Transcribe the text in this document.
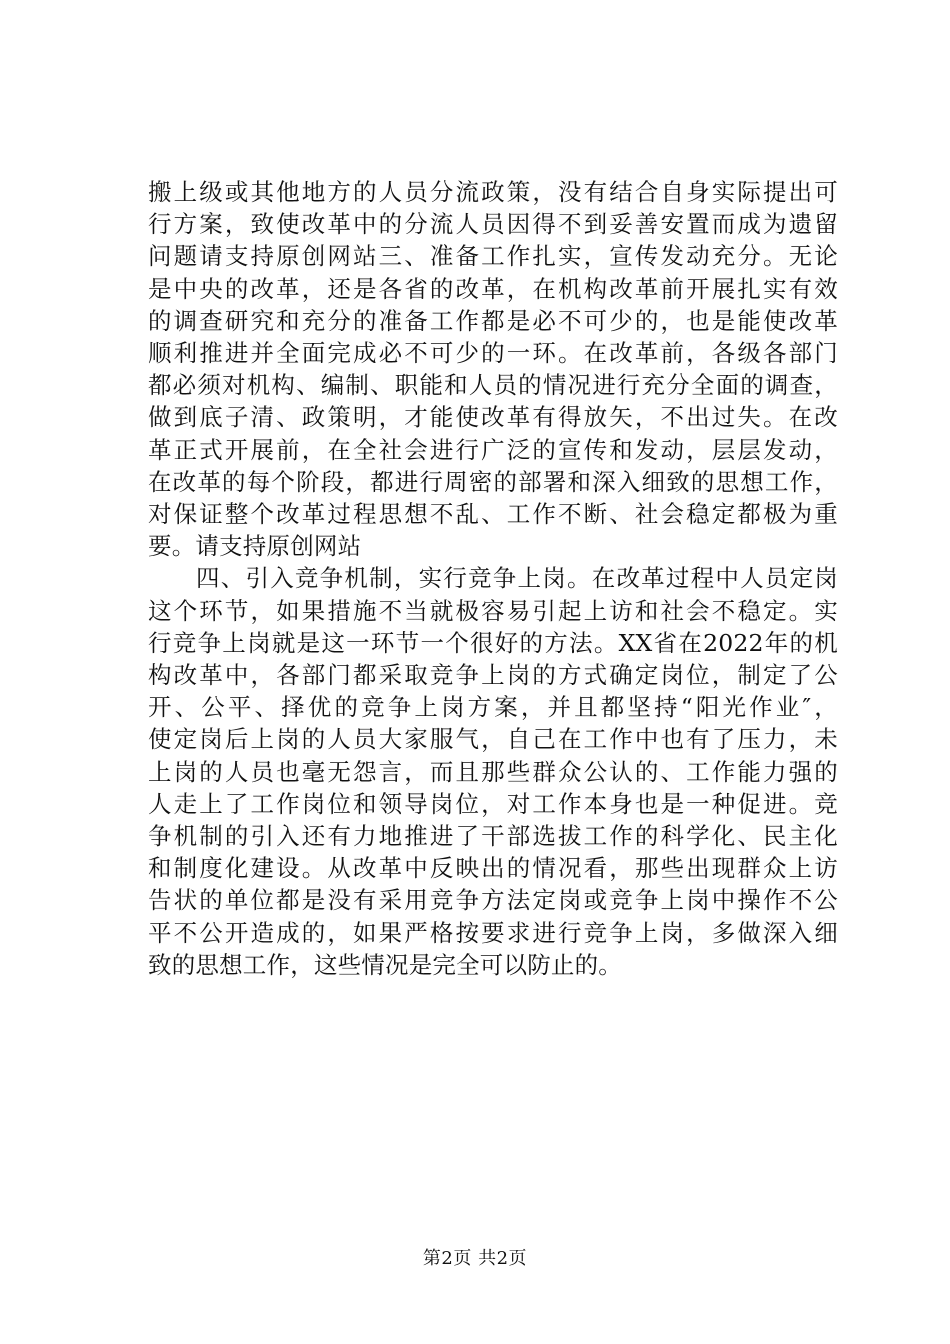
搬上级或其他地方的人员分流政策，没有结合自身实际提出可
行方案，致使改革中的分流人员因得不到妥善安置而成为遗留
问题请支持原创网站三、准备工作扎实，宣传发动充分。无论
是中央的改革，还是各省的改革，在机构改革前开展扎实有效
的调查研究和充分的准备工作都是必不可少的，也是能使改革
顺利推进并全面完成必不可少的一环。在改革前，各级各部门
都必须对机构、编制、职能和人员的情况进行充分全面的调查，
做到底子清、政策明，才能使改革有得放矢，不出过失。在改
革正式开展前，在全社会进行广泛的宣传和发动，层层发动，
在改革的每个阶段，都进行周密的部署和深入细致的思想工作，
对保证整个改革过程思想不乱、工作不断、社会稳定都极为重
要。请支持原创网站
四、引入竞争机制，实行竞争上岗。在改革过程中人员定岗
这个环节，如果措施不当就极容易引起上访和社会不稳定。实
行竞争上岗就是这一环节一个很好的方法。XX省在2022年的机
构改革中，各部门都采取竞争上岗的方式确定岗位，制定了公
开、公平、择优的竞争上岗方案，并且都坚持“阳光作业″，
使定岗后上岗的人员大家服气，自己在工作中也有了压力，未
上岗的人员也毫无怨言，而且那些群众公认的、工作能力强的
人走上了工作岗位和领导岗位，对工作本身也是一种促进。竞
争机制的引入还有力地推进了干部选拔工作的科学化、民主化
和制度化建设。从改革中反映出的情况看，那些出现群众上访
告状的单位都是没有采用竞争方法定岗或竞争上岗中操作不公
平不公开造成的，如果严格按要求进行竞争上岗，多做深入细
致的思想工作，这些情况是完全可以防止的。
第2页 共2页
